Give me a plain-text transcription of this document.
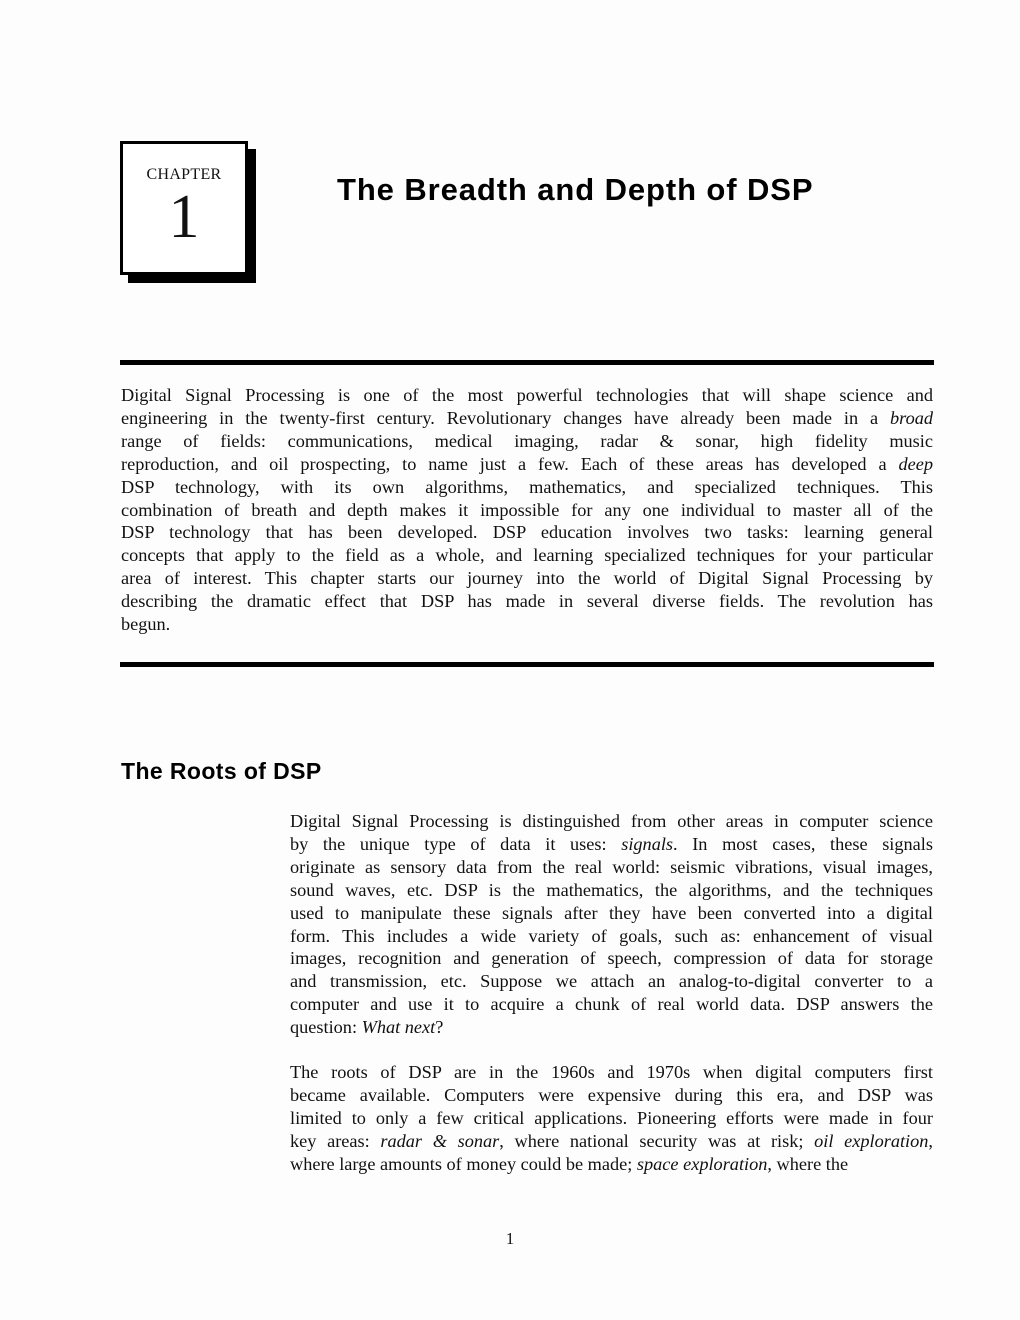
CHAPTER
1	The Breadth and Depth of DSP
Digital Signal Processing is one of the most powerful technologies that will shape science and
engineering in the twenty-first century. Revolutionary changes have already been made in a broad
range of fields: communications, medical imaging, radar & sonar, high fidelity music
reproduction, and oil prospecting, to name just a few. Each of these areas has developed a deep
DSP technology, with its own algorithms, mathematics, and specialized techniques. This
combination of breath and depth makes it impossible for any one individual to master all of the
DSP technology that has been developed. DSP education involves two tasks: learning general
concepts that apply to the field as a whole, and learning specialized techniques for your particular
area of interest. This chapter starts our journey into the world of Digital Signal Processing by
describing the dramatic effect that DSP has made in several diverse fields. The revolution has
begun.
The Roots of DSP
Digital Signal Processing is distinguished from other areas in computer science
by the unique type of data it uses: signals. In most cases, these signals
originate as sensory data from the real world: seismic vibrations, visual images,
sound waves, etc. DSP is the mathematics, the algorithms, and the techniques
used to manipulate these signals after they have been converted into a digital
form. This includes a wide variety of goals, such as: enhancement of visual
images, recognition and generation of speech, compression of data for storage
and transmission, etc. Suppose we attach an analog-to-digital converter to a
computer and use it to acquire a chunk of real world data. DSP answers the
question: What next?
The roots of DSP are in the 1960s and 1970s when digital computers first
became available. Computers were expensive during this era, and DSP was
limited to only a few critical applications. Pioneering efforts were made in four
key areas: radar & sonar, where national security was at risk; oil exploration,
where large amounts of money could be made; space exploration, where the
1
